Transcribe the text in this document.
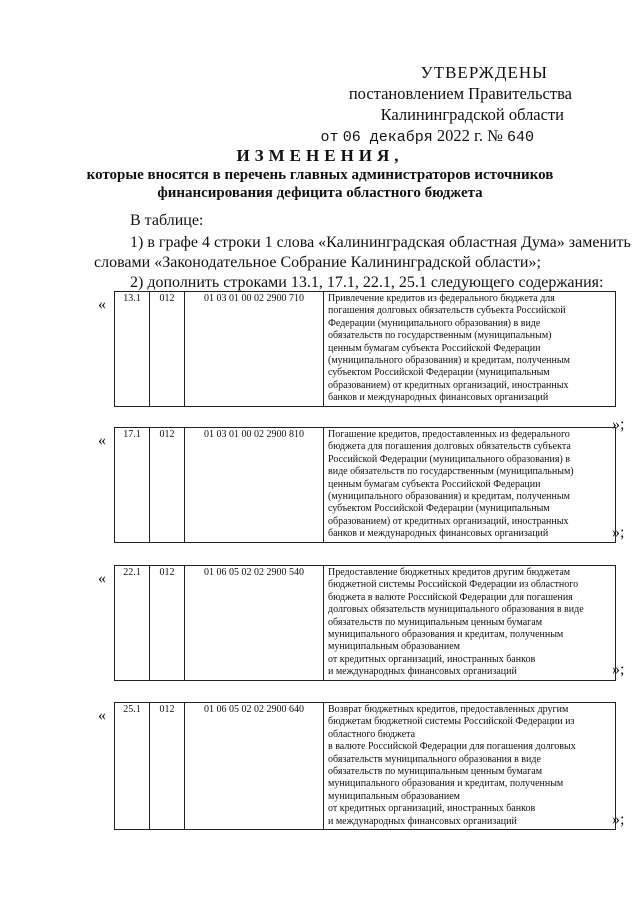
УТВЕРЖДЕНЫ
постановлением Правительства
Калининградской области
от 06 декабря 2022 г. № 640
ИЗМЕНЕНИЯ,
которые вносятся в перечень главных администраторов источников
финансирования дефицита областного бюджета
В таблице:
1) в графе 4 строки 1 слова «Калининградская областная Дума» заменить
словами «Законодательное Собрание Калининградской области»;
2) дополнить строками 13.1, 17.1, 22.1, 25.1 следующего содержания:
« 13.1	012	01 03 01 00 02 2900 710	Привлечение кредитов из федерального бюджета для
погашения долговых обязательств субъекта Российской
Федерации (муниципального образования) в виде
обязательств по государственным (муниципальным)
ценным бумагам субъекта Российской Федерации
(муниципального образования) и кредитам, полученным
субъектом Российской Федерации (муниципальным
образованием) от кредитных организаций, иностранных
банков и международных финансовых организаций
»;
« 17.1	012	01 03 01 00 02 2900 810	Погашение кредитов, предоставленных из федерального
бюджета для погашения долговых обязательств субъекта
Российской Федерации (муниципального образования) в
виде обязательств по государственным (муниципальным)
ценным бумагам субъекта Российской Федерации
(муниципального образования) и кредитам, полученным
субъектом Российской Федерации (муниципальным
образованием) от кредитных организаций, иностранных
банков и международных финансовых организаций	»;
« 22.1	012	01 06 05 02 02 2900 540	Предоставление бюджетных кредитов другим бюджетам
бюджетной системы Российской Федерации из областного
бюджета в валюте Российской Федерации для погашения
долговых обязательств муниципального образования в виде
обязательств по муниципальным ценным бумагам
муниципального образования и кредитам, полученным
муниципальным образованием
от кредитных организаций, иностранных банков
и международных финансовых организаций	»;
« 25.1	012	01 06 05 02 02 2900 640	Возврат бюджетных кредитов, предоставленных другим
бюджетам бюджетной системы Российской Федерации из
областного бюджета
в валюте Российской Федерации для погашения долговых
обязательств муниципального образования в виде
обязательств по муниципальным ценным бумагам
муниципального образования и кредитам, полученным
муниципальным образованием
от кредитных организаций, иностранных банков
и международных финансовых организаций	»;
